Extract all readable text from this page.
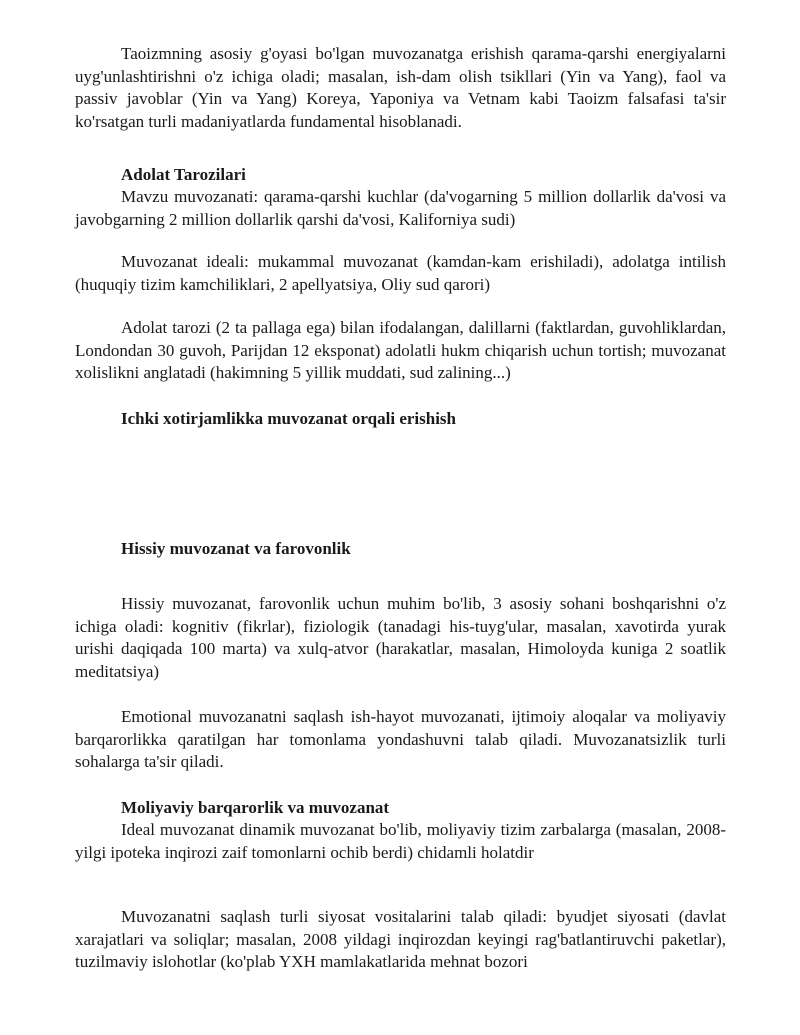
Taoizmning asosiy g'oyasi bo'lgan muvozanatga erishish qarama-qarshi energiyalarni uyg'unlashtirishni o'z ichiga oladi; masalan, ish-dam olish tsikllari (Yin va Yang), faol va passiv javoblar (Yin va Yang) Koreya, Yaponiya va Vetnam kabi Taoizm falsafasi ta'sir ko'rsatgan turli madaniyatlarda fundamental hisoblanadi.

Adolat Tarozilari

Mavzu muvozanati: qarama-qarshi kuchlar (da'vogarning 5 million dollarlik da'vosi va javobgarning 2 million dollarlik qarshi da'vosi, Kaliforniya sudi)

Muvozanat ideali: mukammal muvozanat (kamdan-kam erishiladi), adolatga intilish (huquqiy tizim kamchiliklari, 2 apellyatsiya, Oliy sud qarori)

Adolat tarozi (2 ta pallaga ega) bilan ifodalangan, dalillarni (faktlardan, guvohliklardan, Londondan 30 guvoh, Parijdan 12 eksponat) adolatli hukm chiqarish uchun tortish; muvozanat xolislikni anglatadi (hakimning 5 yillik muddati, sud zalining...)

Ichki xotirjamlikka muvozanat orqali erishish
Hissiy muvozanat va farovonlik

Hissiy muvozanat, farovonlik uchun muhim bo'lib, 3 asosiy sohani boshqarishni o'z ichiga oladi: kognitiv (fikrlar), fiziologik (tanadagi his-tuyg'ular, masalan, xavotirda yurak urishi daqiqada 100 marta) va xulq-atvor (harakatlar, masalan, Himoloyda kuniga 2 soatlik meditatsiya)

Emotional muvozanatni saqlash ish-hayot muvozanati, ijtimoiy aloqalar va moliyaviy barqarorlikka qaratilgan har tomonlama yondashuvni talab qiladi. Muvozanatsizlik turli sohalarga ta'sir qiladi.

Moliyaviy barqarorlik va muvozanat

Ideal muvozanat dinamik muvozanat bo'lib, moliyaviy tizim zarbalarga (masalan, 2008-yilgi ipoteka inqirozi zaif tomonlarni ochib berdi) chidamli holatdir

Muvozanatni saqlash turli siyosat vositalarini talab qiladi: byudjet siyosati (davlat xarajatlari va soliqlar; masalan, 2008 yildagi inqirozdan keyingi rag'batlantiruvchi paketlar), tuzilmaviy islohotlar (ko'plab YXH mamlakatlarida mehnat bozori
